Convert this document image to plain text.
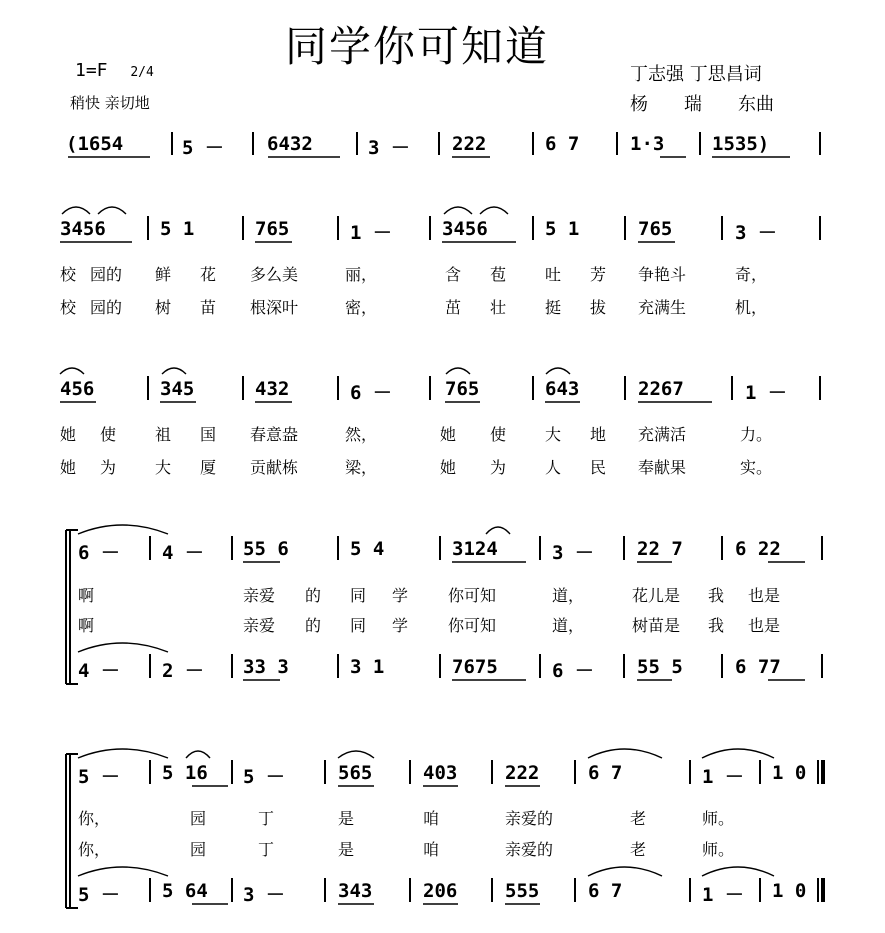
同学你可知道
1=F 2/4
稍快 亲切地
丁志强 丁思昌词
杨　　瑞　　东曲
(1654	5 － 6432	3 － 222	6 7	1·3	1535)
3456	5 1	765	1 －	3456	5 1	765	3 －
校 园的 鲜 花 多么美	丽，	含 苞 吐 芳 争艳斗	奇，
校 园的 树 苗 根深叶	密，	茁 壮 挺 拔 充满生	机，
456	345	432	6 －	765	643	2267	1 －
她 使 祖 国 春意盎	然，	她 使 大 地 充满活	力。
她 为 大 厦 贡献栋	梁，	她 为 人 民 奉献果	实。
6 － 4 － 55 6	5 4	3124	3 － 22 7	6 22
啊	亲爱 的 同 学 你可知	道，	花儿是 我 也是
啊	亲爱 的 同 学 你可知	道，	树苗是 我 也是
4 － 2 － 33 3	3 1	7675	6 － 55 5	6 77
5 － 5 16 5 －	565	403	222	6 7	1 － 1 0
你，	园	丁	是	咱	亲爱的	老	师。
你，	园	丁	是	咱	亲爱的	老	师。
5 － 5 64 3 －	343	206	555	6 7	1 － 1 0
